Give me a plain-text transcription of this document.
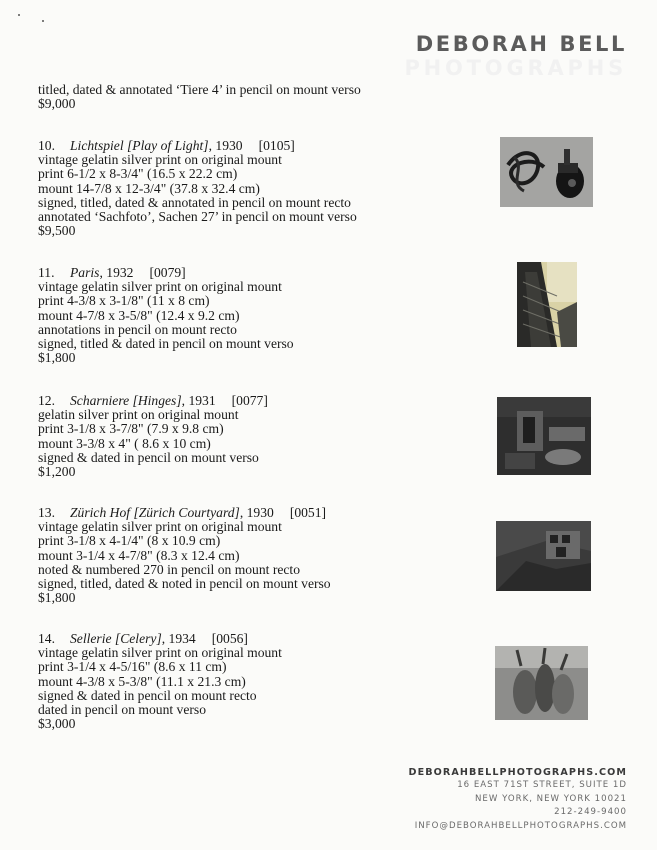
DEBORAH BELL
PHOTOGRAPHS
titled, dated & annotated ‘Tiere 4’ in pencil on mount verso
$9,000
10. Lichtspiel [Play of Light], 1930 [0105]
vintage gelatin silver print on original mount
print 6-1/2 x 8-3/4" (16.5 x 22.2 cm)
mount 14-7/8 x 12-3/4" (37.8 x 32.4 cm)
signed, titled, dated & annotated in pencil on mount recto
annotated ‘Sachfoto’, Sachen 27’ in pencil on mount verso
$9,500
11. Paris, 1932 [0079]
vintage gelatin silver print on original mount
print 4-3/8 x 3-1/8" (11 x 8 cm)
mount 4-7/8 x 3-5/8" (12.4 x 9.2 cm)
annotations in pencil on mount recto
signed, titled & dated in pencil on mount verso
$1,800
12. Scharniere [Hinges], 1931 [0077]
gelatin silver print on original mount
print 3-1/8 x 3-7/8" (7.9 x 9.8 cm)
mount 3-3/8 x 4" ( 8.6 x 10 cm)
signed & dated in pencil on mount verso
$1,200
13. Zürich Hof [Zürich Courtyard], 1930 [0051]
vintage gelatin silver print on original mount
print 3-1/8 x 4-1/4" (8 x 10.9 cm)
mount 3-1/4 x 4-7/8" (8.3 x 12.4 cm)
noted & numbered 270 in pencil on mount recto
signed, titled, dated & noted in pencil on mount verso
$1,800
14. Sellerie [Celery], 1934 [0056]
vintage gelatin silver print on original mount
print 3-1/4 x 4-5/16" (8.6 x 11 cm)
mount 4-3/8 x 5-3/8" (11.1 x 21.3 cm)
signed & dated in pencil on mount recto
dated in pencil on mount verso
$3,000
DEBORAHBELLPHOTOGRAPHS.COM
16 EAST 71ST STREET, SUITE 1D
NEW YORK, NEW YORK 10021
212-249-9400
INFO@DEBORAHBELLPHOTOGRAPHS.COM
